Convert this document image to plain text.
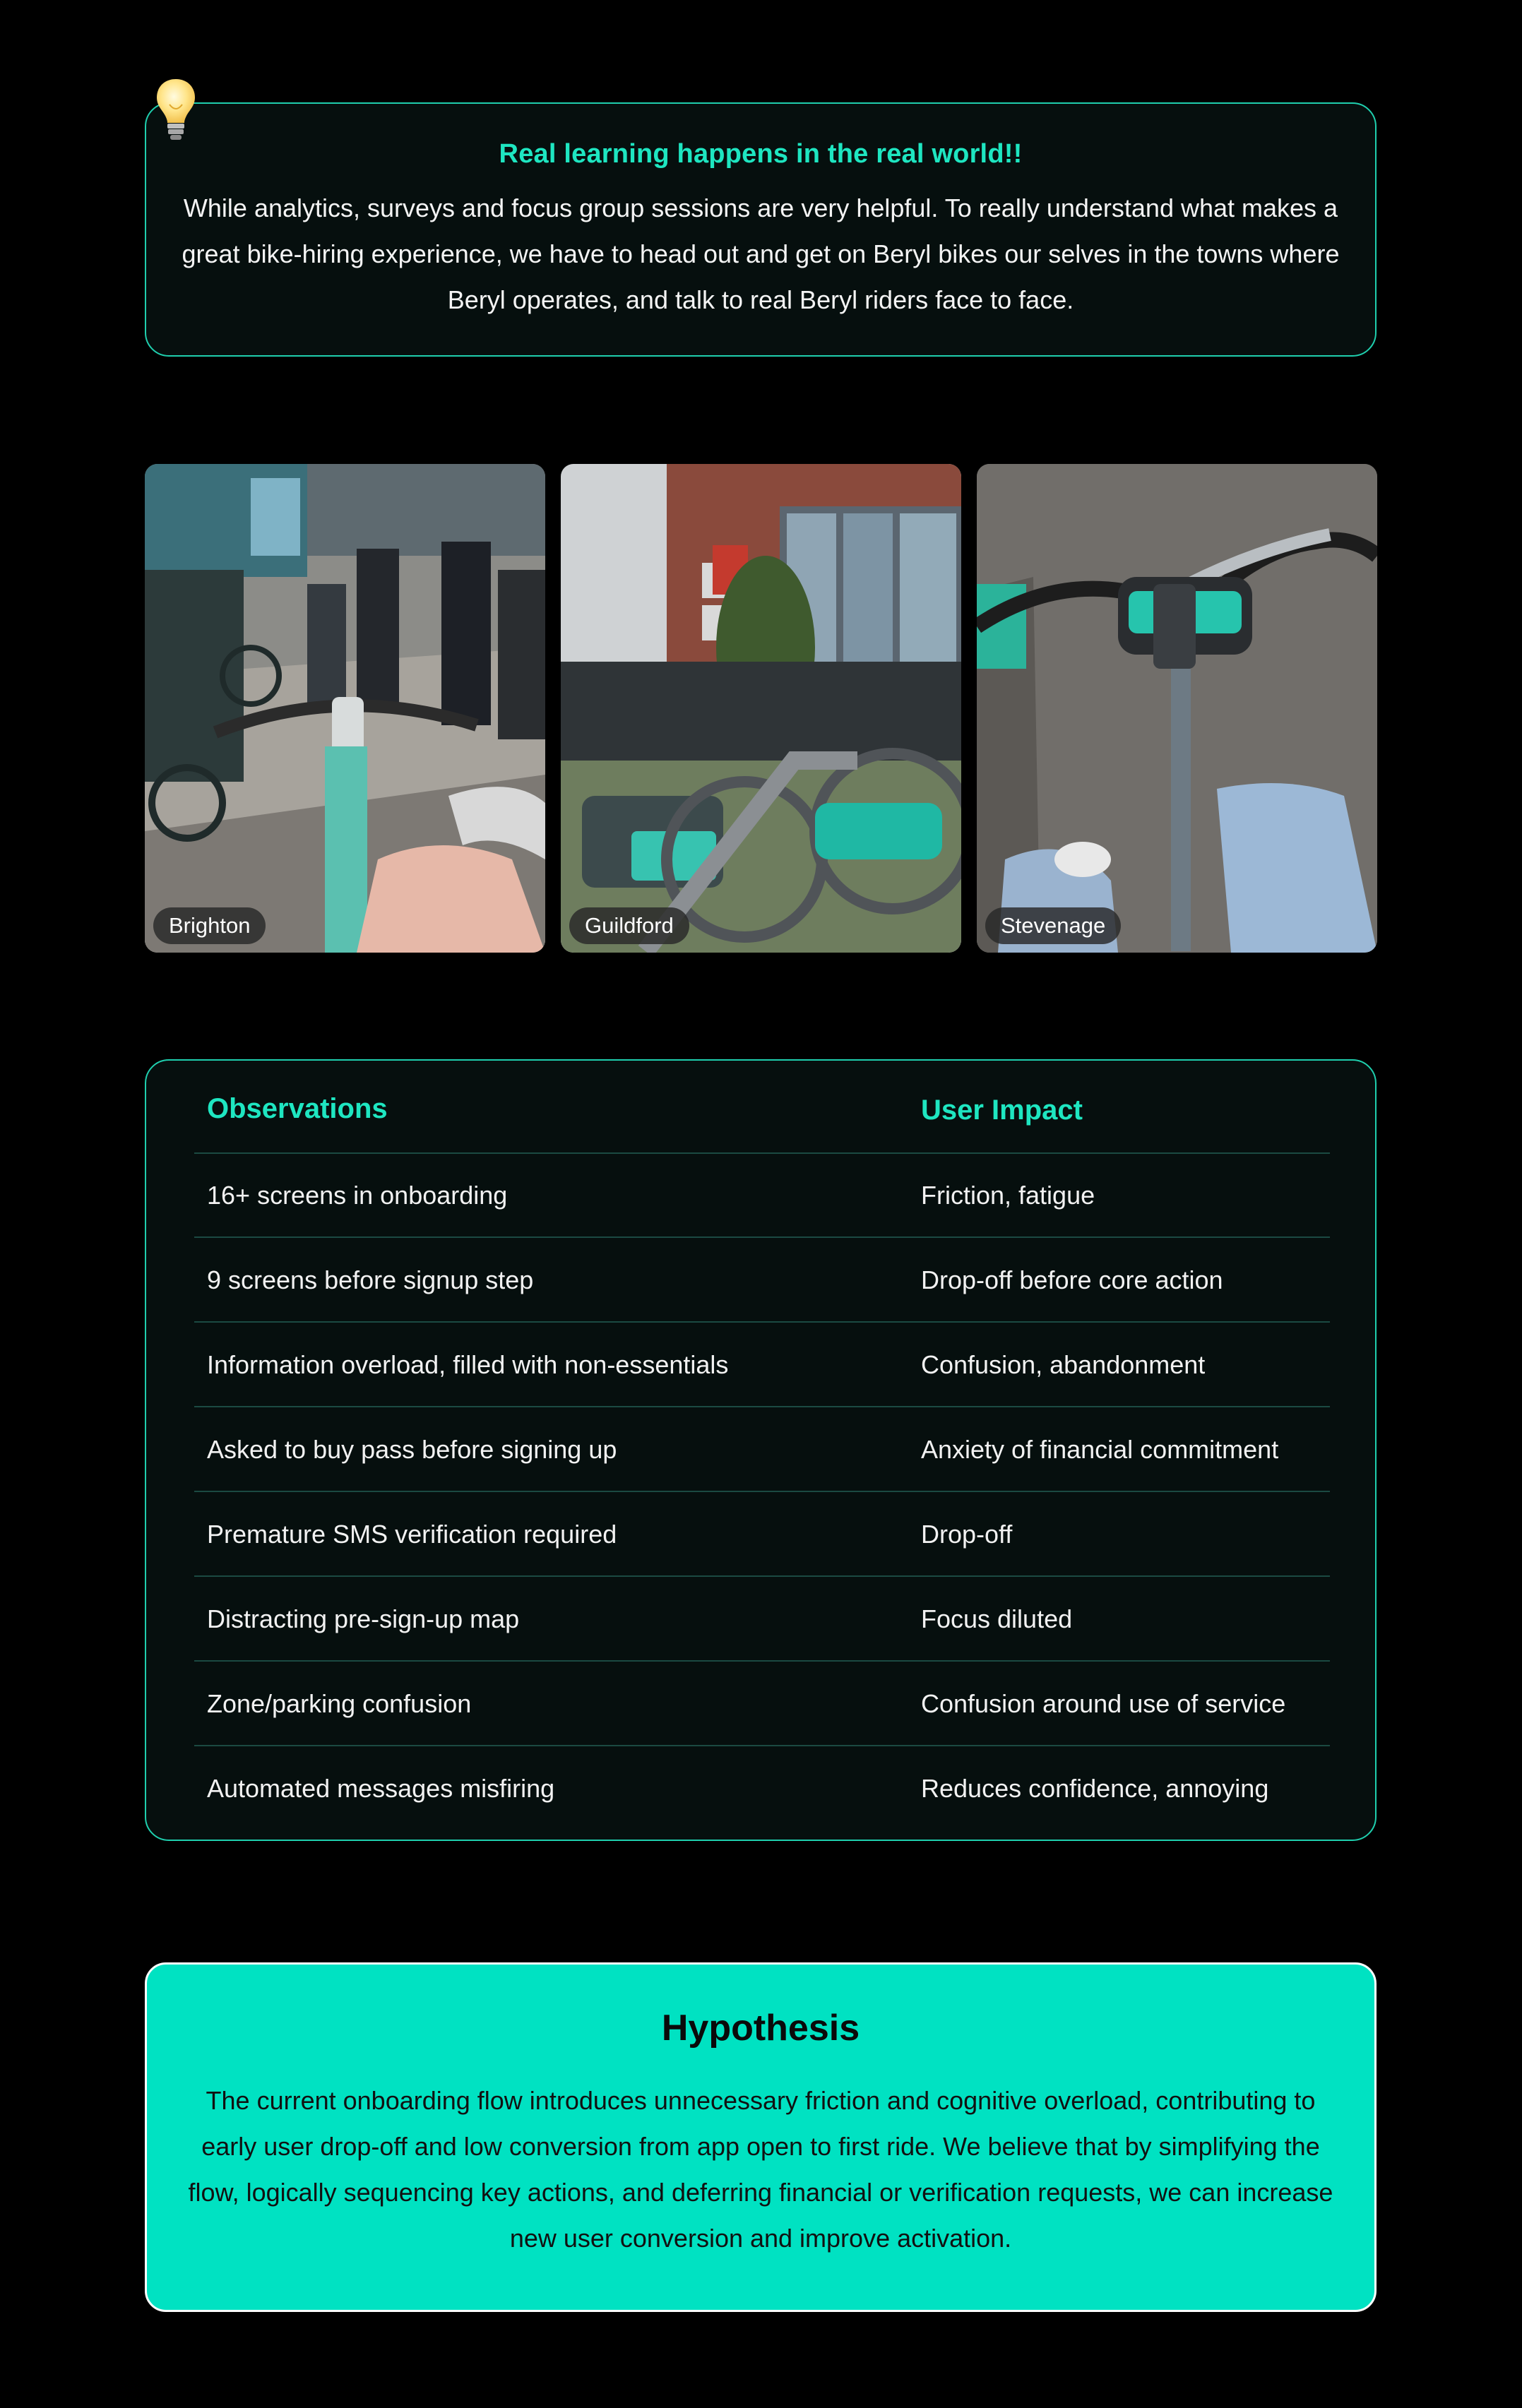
Real learning happens in the real world!!
While analytics, surveys and focus group sessions are very helpful. To really understand what makes a great bike-hiring experience, we have to head out and get on Beryl bikes our selves in the towns where Beryl operates, and talk to real Beryl riders face to face.
Brighton	Guildford	Stevenage
Observations	User Impact
16+ screens in onboarding	Friction, fatigue
9 screens before signup step	Drop-off before core action
Information overload, filled with non-essentials	Confusion, abandonment
Asked to buy pass before signing up	Anxiety of financial commitment
Premature SMS verification required	Drop-off
Distracting pre-sign-up map	Focus diluted
Zone/parking confusion	Confusion around use of service
Automated messages misfiring	Reduces confidence, annoying
Hypothesis
The current onboarding flow introduces unnecessary friction and cognitive overload, contributing to early user drop-off and low conversion from app open to first ride. We believe that by simplifying the flow, logically sequencing key actions, and deferring financial or verification requests, we can increase new user conversion and improve activation.
